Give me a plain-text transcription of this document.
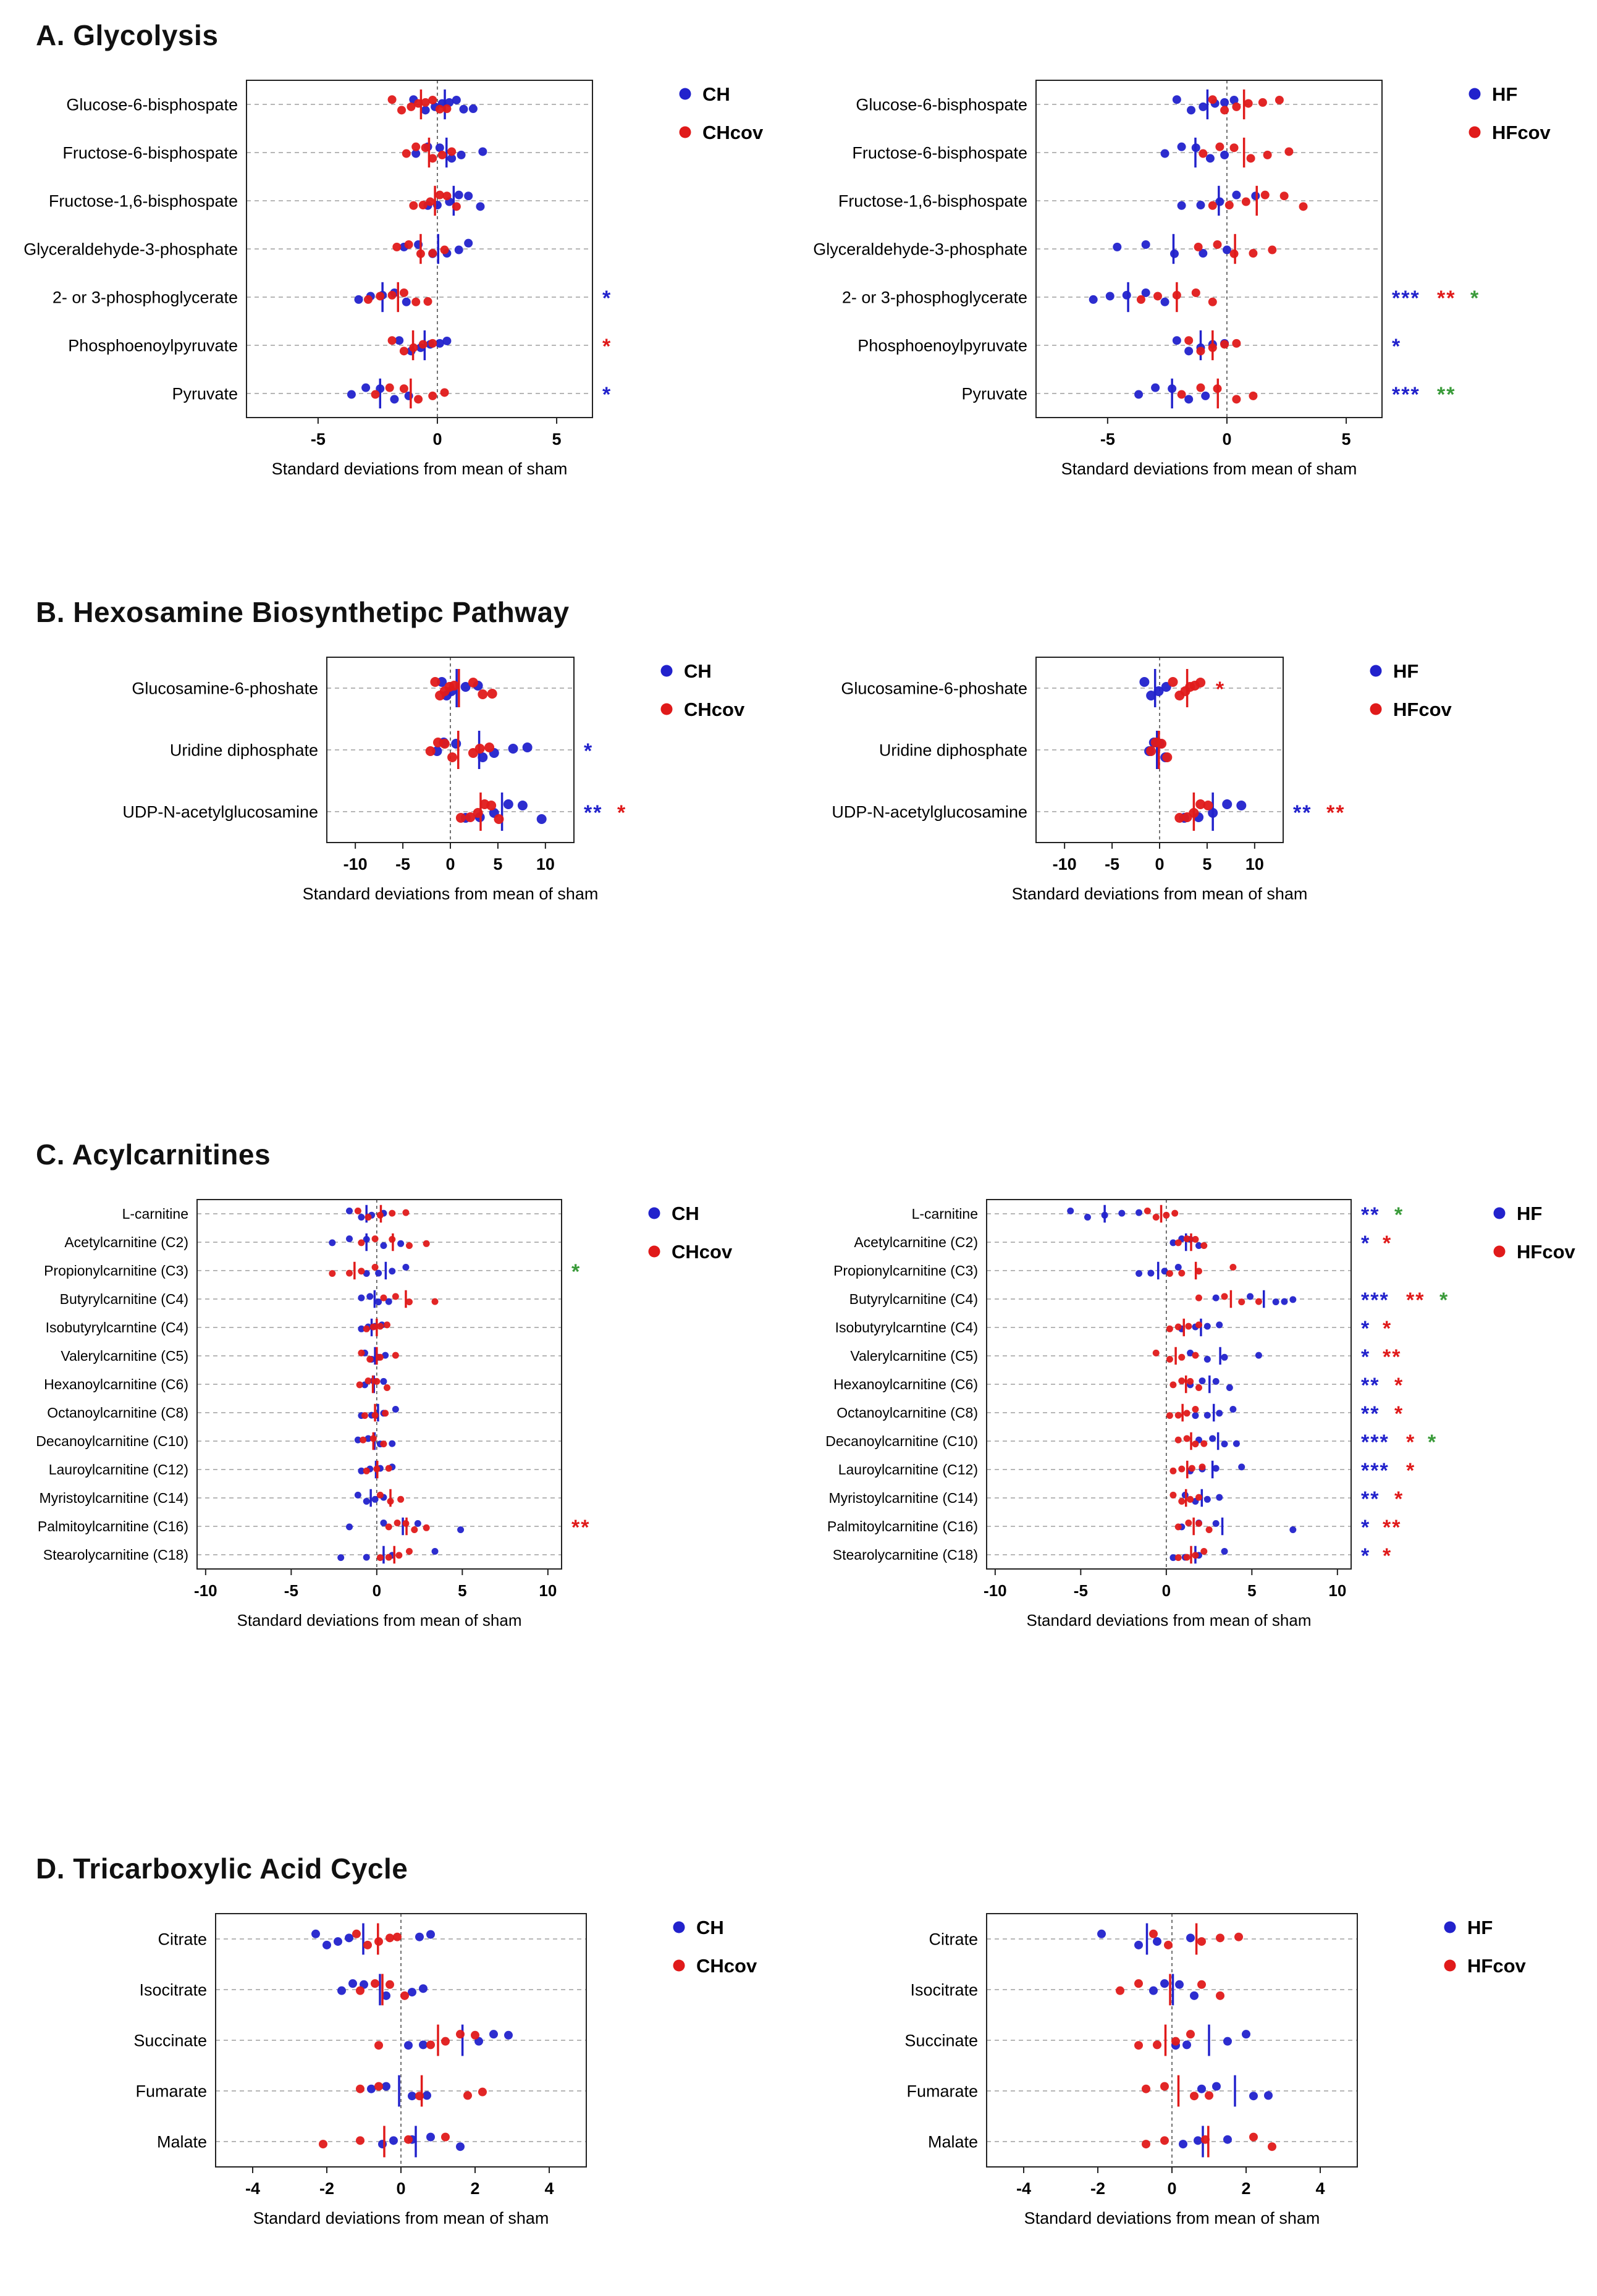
A. Glycolysis
Glucose-6-bisphospate
Fructose-6-bisphospate
Fructose-1,6-bisphospate
Glyceraldehyde-3-phosphate
2- or 3-phosphoglycerate
Phosphoenoylpyruvate
Pyruvate
-5	0	5
Standard deviations from mean of sham
*
*
*
CH
CHcov
Glucose-6-bisphospate
Fructose-6-bisphospate
Fructose-1,6-bisphospate
Glyceraldehyde-3-phosphate
2- or 3-phosphoglycerate
Phosphoenoylpyruvate
Pyruvate
-5	0	5
Standard deviations from mean of sham
*** ** *
*
*** **
HF
HFcov
B. Hexosamine Biosynthetipc Pathway
Glucosamine-6-phoshate
Uridine diphosphate
UDP-N-acetylglucosamine
-10 -5 0 5 10
Standard deviations from mean of sham
*
** *
CH
CHcov
Glucosamine-6-phoshate
Uridine diphosphate
UDP-N-acetylglucosamine
-10 -5 0 5 10
Standard deviations from mean of sham
*
** **
HF
HFcov
C. Acylcarnitines
L-carnitine
Acetylcarnitine (C2)
Propionylcarnitine (C3)
Butyrylcarnitine (C4)
Isobutyrylcarntine (C4)
Valerylcarnitine (C5)
Hexanoylcarnitine (C6)
Octanoylcarnitine (C8)
Decanoylcarnitine (C10)
Lauroylcarnitine (C12)
Myristoylcarnitine (C14)
Palmitoylcarnitine (C16)
Stearolycarnitine (C18)
-10	-5	0	5	10
Standard deviations from mean of sham
*
**
CH
CHcov
L-carnitine
Acetylcarnitine (C2)
Propionylcarnitine (C3)
Butyrylcarnitine (C4)
Isobutyrylcarntine (C4)
Valerylcarnitine (C5)
Hexanoylcarnitine (C6)
Octanoylcarnitine (C8)
Decanoylcarnitine (C10)
Lauroylcarnitine (C12)
Myristoylcarnitine (C14)
Palmitoylcarnitine (C16)
Stearolycarnitine (C18)
-10	-5	0	5	10
Standard deviations from mean of sham
** *
* *
*** ** *
* *
* **
** *
** *
*** * *
*** *
** *
* **
* *
HF
HFcov
D. Tricarboxylic Acid Cycle
Citrate
Isocitrate
Succinate
Fumarate
Malate
-4	-2	0	2	4
Standard deviations from mean of sham
CH
CHcov
Citrate
Isocitrate
Succinate
Fumarate
Malate
-4	-2	0	2	4
Standard deviations from mean of sham
HF
HFcov
